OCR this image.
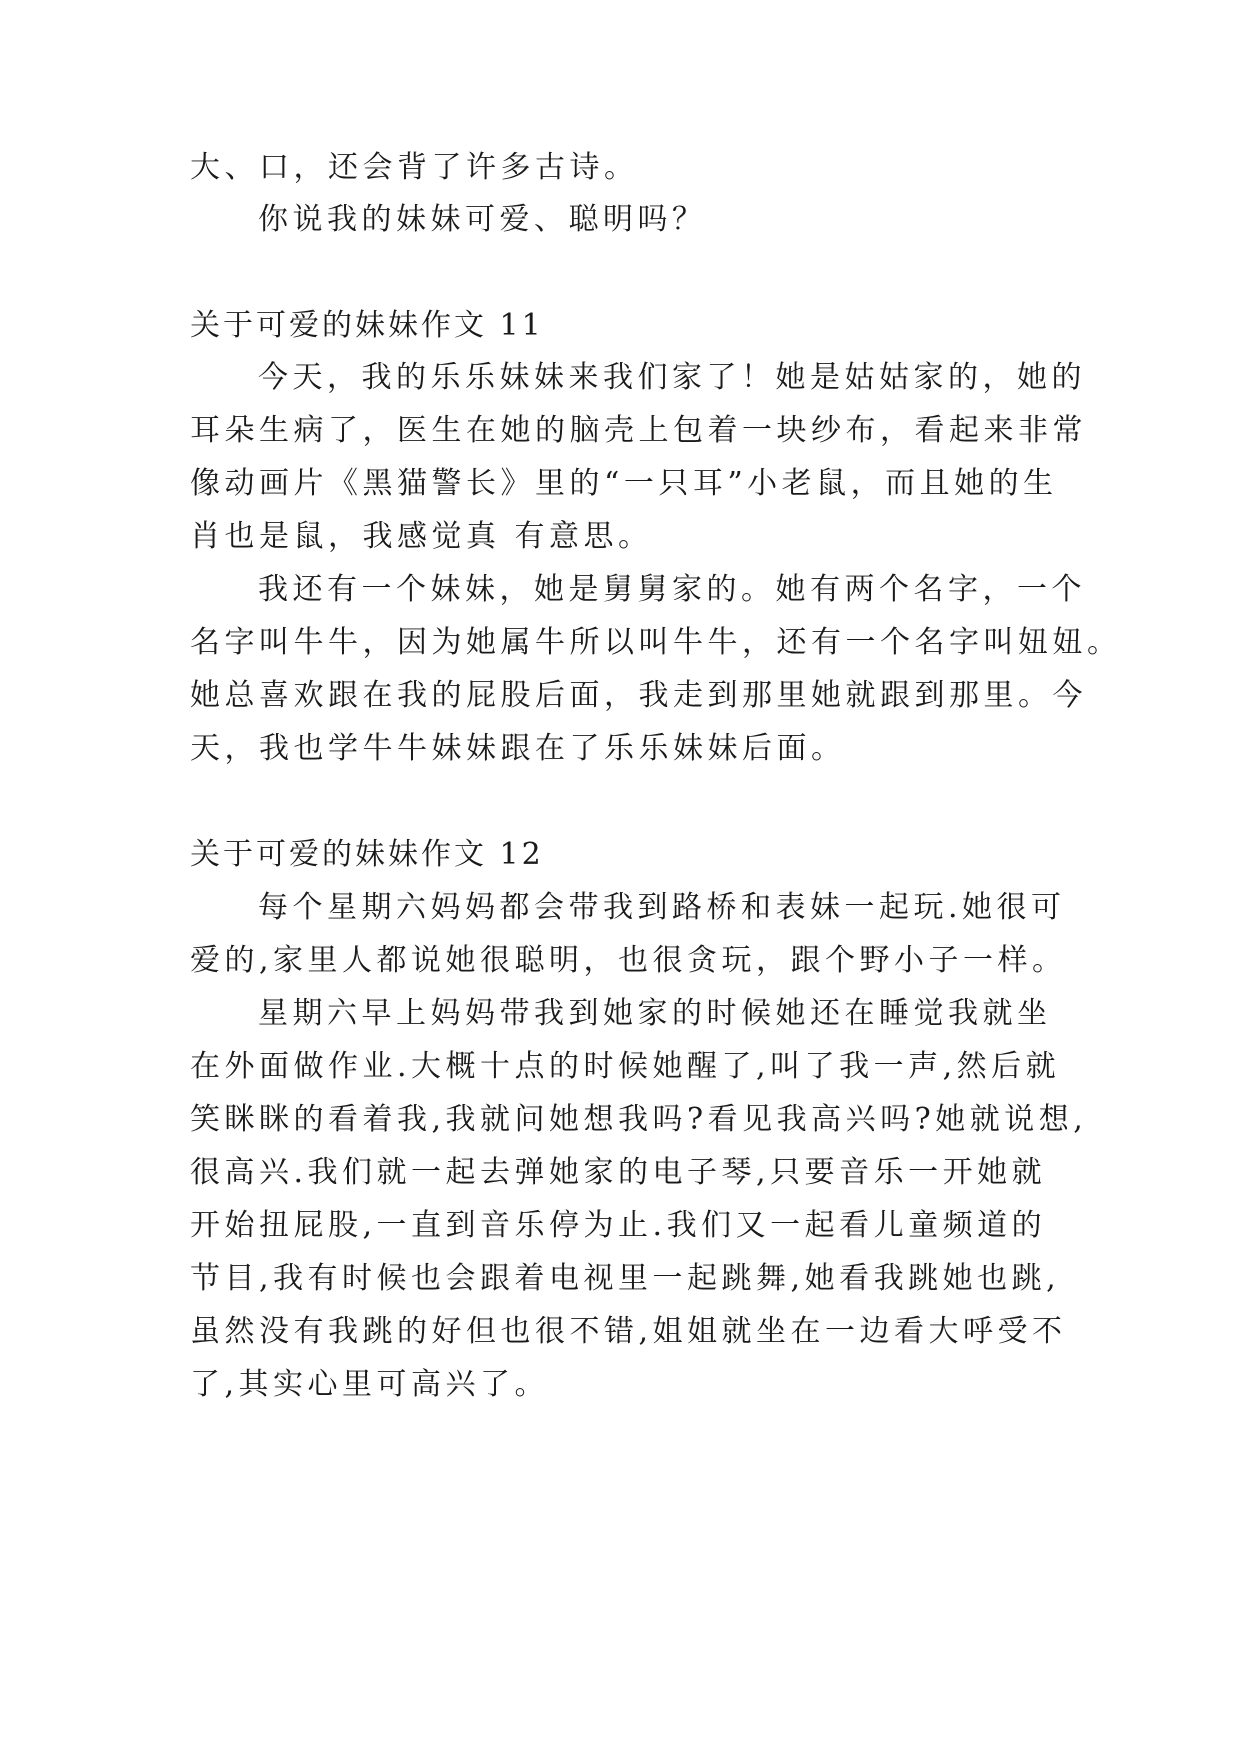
大、口，还会背了许多古诗。
你说我的妹妹可爱、聪明吗？
关于可爱的妹妹作文 11
今天，我的乐乐妹妹来我们家了！她是姑姑家的，她的
耳朵生病了，医生在她的脑壳上包着一块纱布，看起来非常
像动画片《黑猫警长》里的“一只耳”小老鼠，而且她的生
肖也是鼠，我感觉真 有意思。
我还有一个妹妹，她是舅舅家的。她有两个名字，一个
名字叫牛牛，因为她属牛所以叫牛牛，还有一个名字叫妞妞。
她总喜欢跟在我的屁股后面，我走到那里她就跟到那里。今
天，我也学牛牛妹妹跟在了乐乐妹妹后面。
关于可爱的妹妹作文 12
每个星期六妈妈都会带我到路桥和表妹一起玩.她很可
爱的,家里人都说她很聪明，也很贪玩，跟个野小子一样。
星期六早上妈妈带我到她家的时候她还在睡觉我就坐
在外面做作业.大概十点的时候她醒了,叫了我一声,然后就
笑眯眯的看着我,我就问她想我吗?看见我高兴吗?她就说想,
很高兴.我们就一起去弹她家的电子琴,只要音乐一开她就
开始扭屁股,一直到音乐停为止.我们又一起看儿童频道的
节目,我有时候也会跟着电视里一起跳舞,她看我跳她也跳,
虽然没有我跳的好但也很不错,姐姐就坐在一边看大呼受不
了,其实心里可高兴了。
